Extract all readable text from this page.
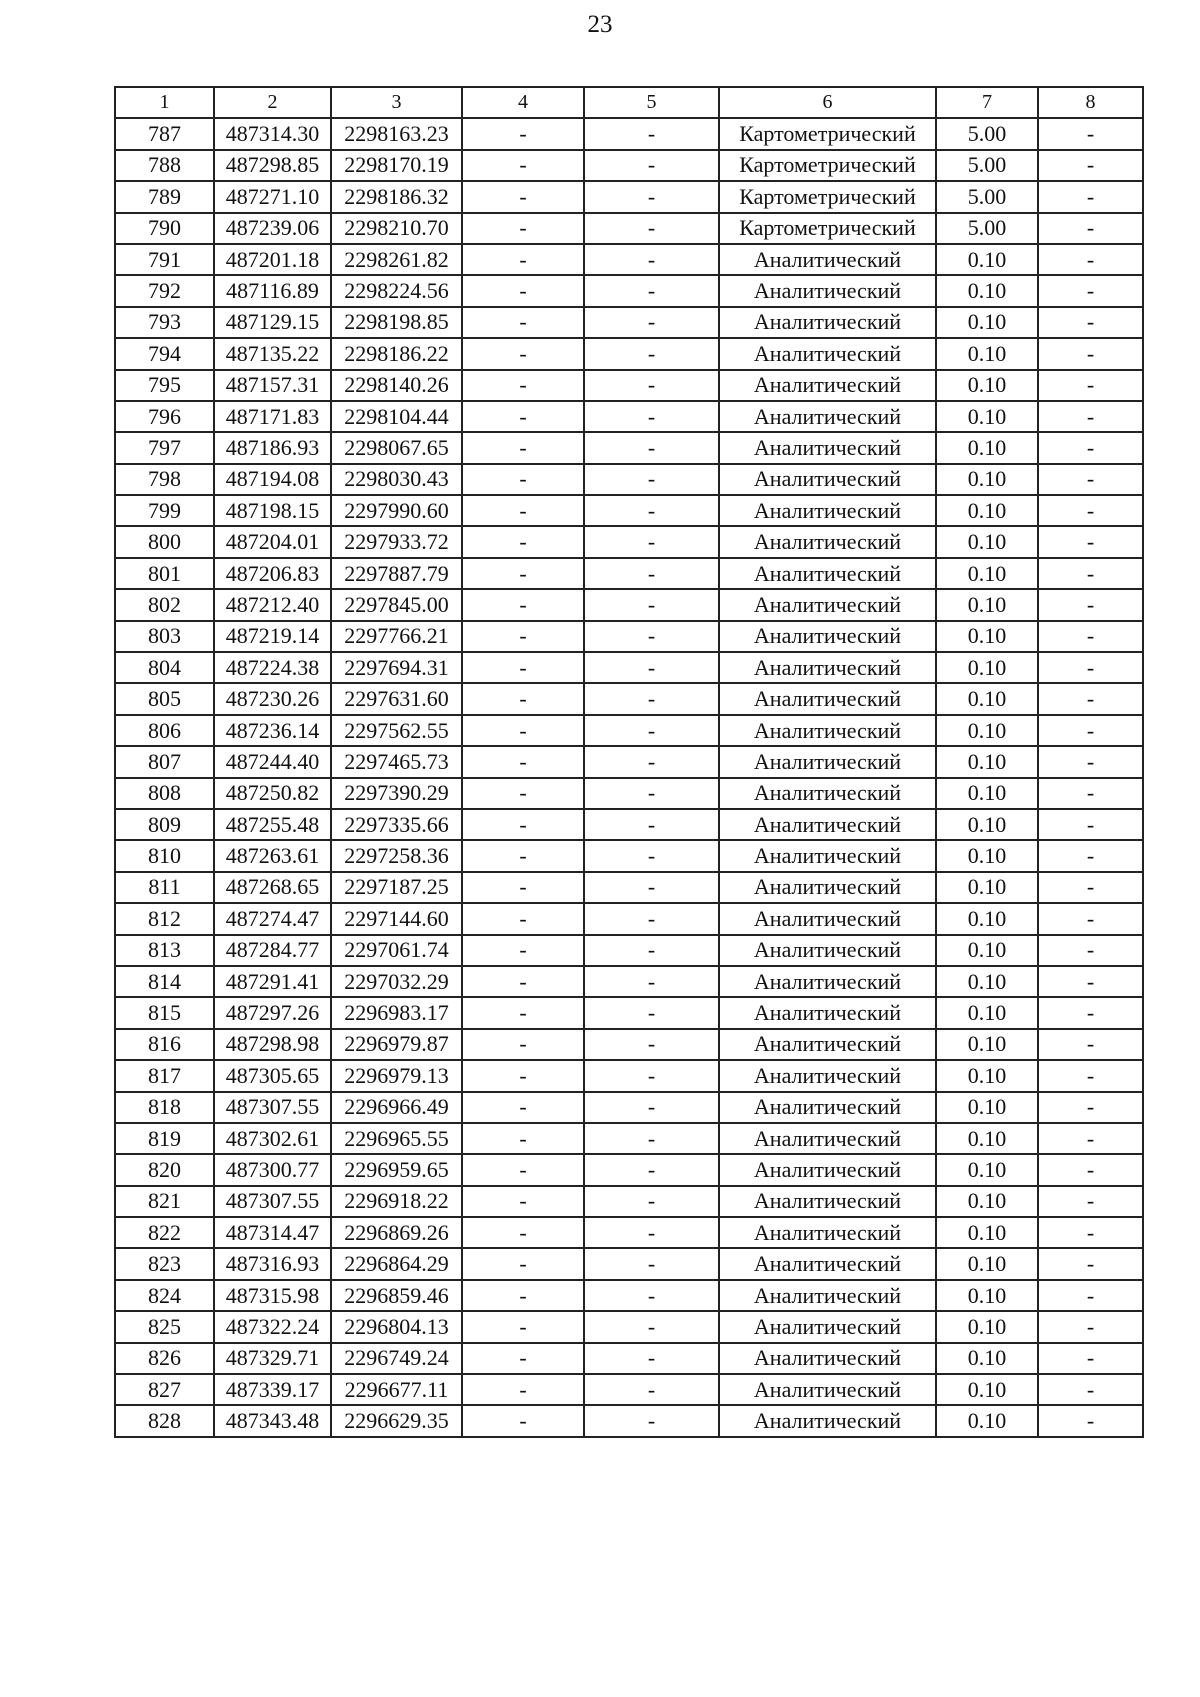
23
1	2	3	4	5	6	7	8
787	487314.30	2298163.23	-	-	Картометрический	5.00	-
788	487298.85	2298170.19	-	-	Картометрический	5.00	-
789	487271.10	2298186.32	-	-	Картометрический	5.00	-
790	487239.06	2298210.70	-	-	Картометрический	5.00	-
791	487201.18	2298261.82	-	-	Аналитический	0.10	-
792	487116.89	2298224.56	-	-	Аналитический	0.10	-
793	487129.15	2298198.85	-	-	Аналитический	0.10	-
794	487135.22	2298186.22	-	-	Аналитический	0.10	-
795	487157.31	2298140.26	-	-	Аналитический	0.10	-
796	487171.83	2298104.44	-	-	Аналитический	0.10	-
797	487186.93	2298067.65	-	-	Аналитический	0.10	-
798	487194.08	2298030.43	-	-	Аналитический	0.10	-
799	487198.15	2297990.60	-	-	Аналитический	0.10	-
800	487204.01	2297933.72	-	-	Аналитический	0.10	-
801	487206.83	2297887.79	-	-	Аналитический	0.10	-
802	487212.40	2297845.00	-	-	Аналитический	0.10	-
803	487219.14	2297766.21	-	-	Аналитический	0.10	-
804	487224.38	2297694.31	-	-	Аналитический	0.10	-
805	487230.26	2297631.60	-	-	Аналитический	0.10	-
806	487236.14	2297562.55	-	-	Аналитический	0.10	-
807	487244.40	2297465.73	-	-	Аналитический	0.10	-
808	487250.82	2297390.29	-	-	Аналитический	0.10	-
809	487255.48	2297335.66	-	-	Аналитический	0.10	-
810	487263.61	2297258.36	-	-	Аналитический	0.10	-
811	487268.65	2297187.25	-	-	Аналитический	0.10	-
812	487274.47	2297144.60	-	-	Аналитический	0.10	-
813	487284.77	2297061.74	-	-	Аналитический	0.10	-
814	487291.41	2297032.29	-	-	Аналитический	0.10	-
815	487297.26	2296983.17	-	-	Аналитический	0.10	-
816	487298.98	2296979.87	-	-	Аналитический	0.10	-
817	487305.65	2296979.13	-	-	Аналитический	0.10	-
818	487307.55	2296966.49	-	-	Аналитический	0.10	-
819	487302.61	2296965.55	-	-	Аналитический	0.10	-
820	487300.77	2296959.65	-	-	Аналитический	0.10	-
821	487307.55	2296918.22	-	-	Аналитический	0.10	-
822	487314.47	2296869.26	-	-	Аналитический	0.10	-
823	487316.93	2296864.29	-	-	Аналитический	0.10	-
824	487315.98	2296859.46	-	-	Аналитический	0.10	-
825	487322.24	2296804.13	-	-	Аналитический	0.10	-
826	487329.71	2296749.24	-	-	Аналитический	0.10	-
827	487339.17	2296677.11	-	-	Аналитический	0.10	-
828	487343.48	2296629.35	-	-	Аналитический	0.10	-
